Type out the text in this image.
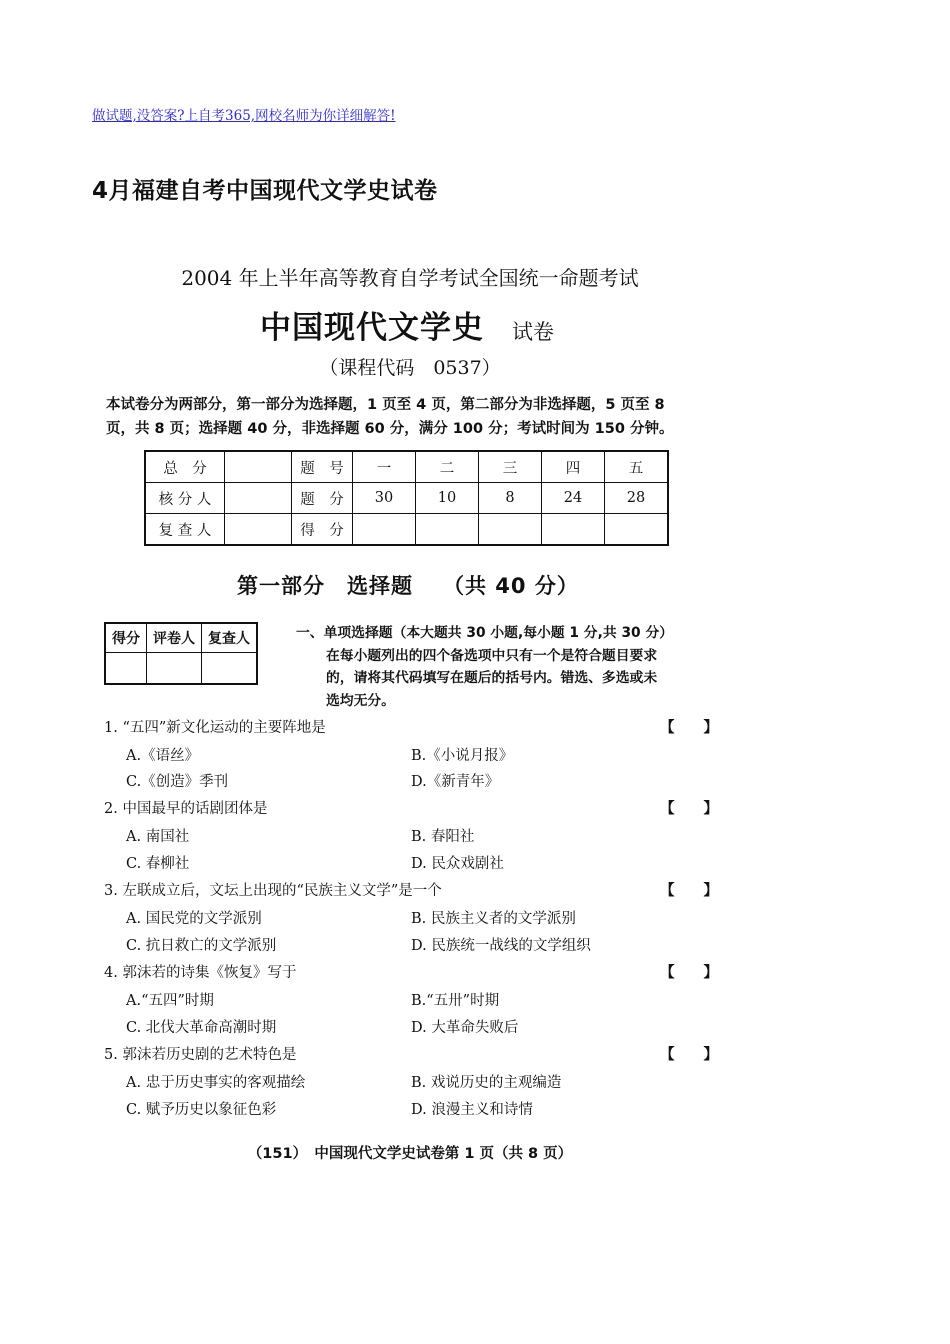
做试题,没答案?上自考365,网校名师为你详细解答!
4月福建自考中国现代文学史试卷
2004 年上半年高等教育自学考试全国统一命题考试
中国现代文学史 试卷
（课程代码　0537）
本试卷分为两部分，第一部分为选择题，1 页至 4 页，第二部分为非选择题，5 页至 8
页，共 8 页；选择题 40 分，非选择题 60 分，满分 100 分；考试时间为 150 分钟。
总　分		题　号	一	二	三	四	五
核 分 人		题　分	30	10	8	24	28
复 查 人		得　分					
第一部分 选择题 （共 40 分）
得分	评卷人	复查人
			一、单项选择题（本大题共 30 小题,每小题 1 分,共 30 分）
在每小题列出的四个备选项中只有一个是符合题目要求
的，请将其代码填写在题后的括号内。错选、多选或未
选均无分。
1. “五四”新文化运动的主要阵地是	【　　】
A.《语丝》	B.《小说月报》
C.《创造》季刊	D.《新青年》
2. 中国最早的话剧团体是	【　　】
A. 南国社	B. 春阳社
C. 春柳社	D. 民众戏剧社
3. 左联成立后，文坛上出现的“民族主义文学”是一个	【　　】
A. 国民党的文学派别	B. 民族主义者的文学派别
C. 抗日救亡的文学派别	D. 民族统一战线的文学组织
4. 郭沫若的诗集《恢复》写于	【　　】
A.“五四”时期	B.“五卅”时期
C. 北伐大革命高潮时期	D. 大革命失败后
5. 郭沫若历史剧的艺术特色是	【　　】
A. 忠于历史事实的客观描绘	B. 戏说历史的主观编造
C. 赋予历史以象征色彩	D. 浪漫主义和诗情
（151）　中国现代文学史试卷第 1 页（共 8 页）
